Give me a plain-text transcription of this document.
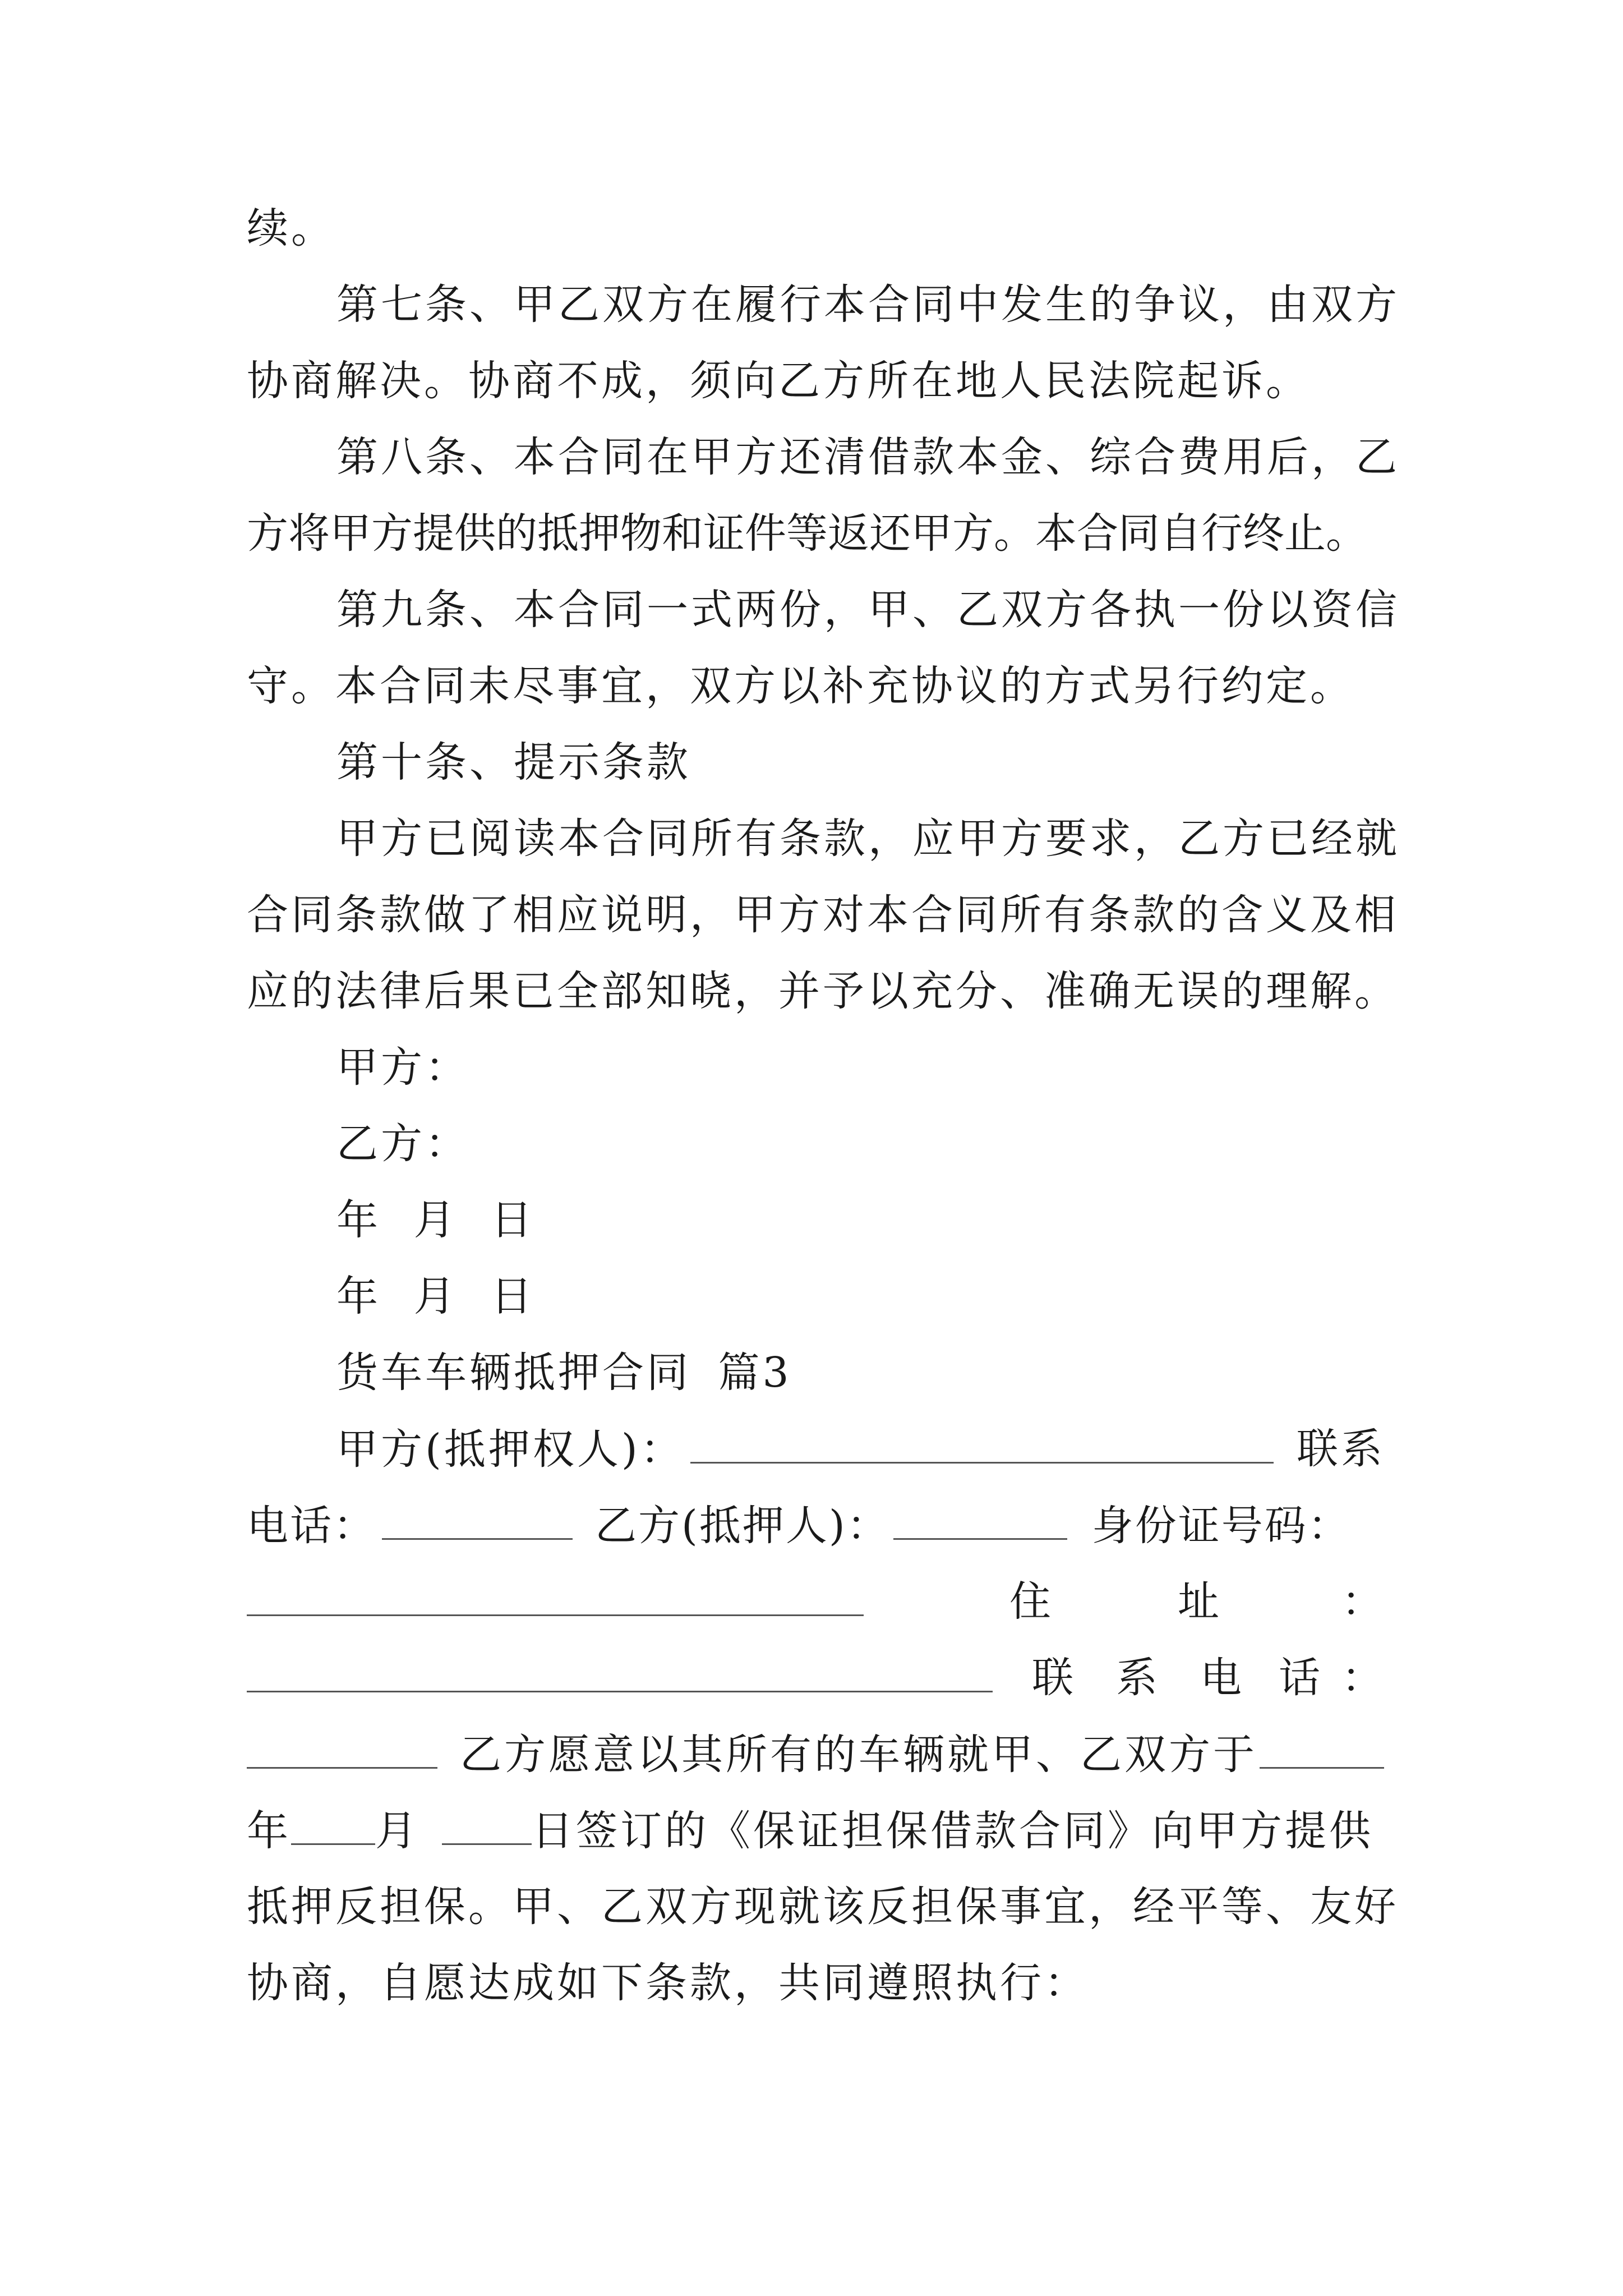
续。
第七条、甲乙双方在履行本合同中发生的争议，由双方
协商解决。协商不成，须向乙方所在地人民法院起诉。
第八条、本合同在甲方还清借款本金、综合费用后，乙
方将甲方提供的抵押物和证件等返还甲方。本合同自行终止。
第九条、本合同一式两份，甲、乙双方各执一份以资信
守。本合同未尽事宜，双方以补充协议的方式另行约定。
第十条、提示条款
甲方已阅读本合同所有条款，应甲方要求，乙方已经就
合同条款做了相应说明，甲方对本合同所有条款的含义及相
应的法律后果已全部知晓，并予以充分、准确无误的理解。
甲方：
乙方：
年 月 日
年 月 日
货车车辆抵押合同 篇3
甲方(抵押权人)：	联系
电话：	乙方(抵押人)：	身份证号码：
住	址	：
联 系 电 话 ：
乙方愿意以其所有的车辆就甲、乙双方于
年 月	日签订的《保证担保借款合同》向甲方提供
抵押反担保。甲、乙双方现就该反担保事宜，经平等、友好
协商，自愿达成如下条款，共同遵照执行：
